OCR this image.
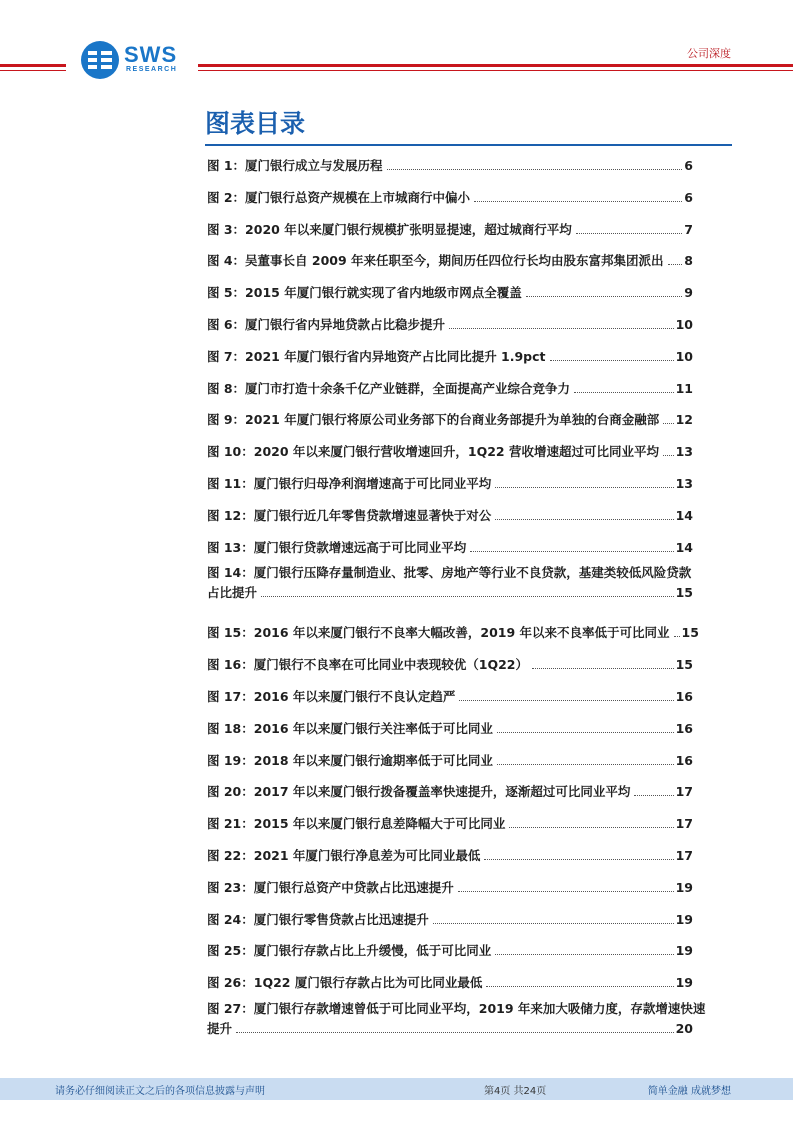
SWS
RESEARCH
公司深度
图表目录
图 1：厦门银行成立与发展历程	6
图 2：厦门银行总资产规模在上市城商行中偏小	6
图 3：2020 年以来厦门银行规模扩张明显提速，超过城商行平均	7
图 4：吴董事长自 2009 年来任职至今，期间历任四位行长均由股东富邦集团派出 8
图 5：2015 年厦门银行就实现了省内地级市网点全覆盖	9
图 6：厦门银行省内异地贷款占比稳步提升	10
图 7：2021 年厦门银行省内异地资产占比同比提升 1.9pct	10
图 8：厦门市打造十余条千亿产业链群，全面提高产业综合竞争力	11
图 9：2021 年厦门银行将原公司业务部下的台商业务部提升为单独的台商金融部 12
图 10：2020 年以来厦门银行营收增速回升，1Q22 营收增速超过可比同业平均 13
图 11：厦门银行归母净利润增速高于可比同业平均	13
图 12：厦门银行近几年零售贷款增速显著快于对公	14
图 13：厦门银行贷款增速远高于可比同业平均	14
图 14：厦门银行压降存量制造业、批零、房地产等行业不良贷款，基建类较低风险贷款
占比提升	15
图 15：2016 年以来厦门银行不良率大幅改善，2019 年以来不良率低于可比同业 15
图 16：厦门银行不良率在可比同业中表现较优（1Q22）	15
图 17：2016 年以来厦门银行不良认定趋严	16
图 18：2016 年以来厦门银行关注率低于可比同业	16
图 19：2018 年以来厦门银行逾期率低于可比同业	16
图 20：2017 年以来厦门银行拨备覆盖率快速提升，逐渐超过可比同业平均	17
图 21：2015 年以来厦门银行息差降幅大于可比同业	17
图 22：2021 年厦门银行净息差为可比同业最低	17
图 23：厦门银行总资产中贷款占比迅速提升	19
图 24：厦门银行零售贷款占比迅速提升	19
图 25：厦门银行存款占比上升缓慢，低于可比同业	19
图 26：1Q22 厦门银行存款占比为可比同业最低	19
图 27：厦门银行存款增速曾低于可比同业平均，2019 年来加大吸储力度，存款增速快速
提升	20
请务必仔细阅读正文之后的各项信息披露与声明	第4页 共24页	简单金融 成就梦想
